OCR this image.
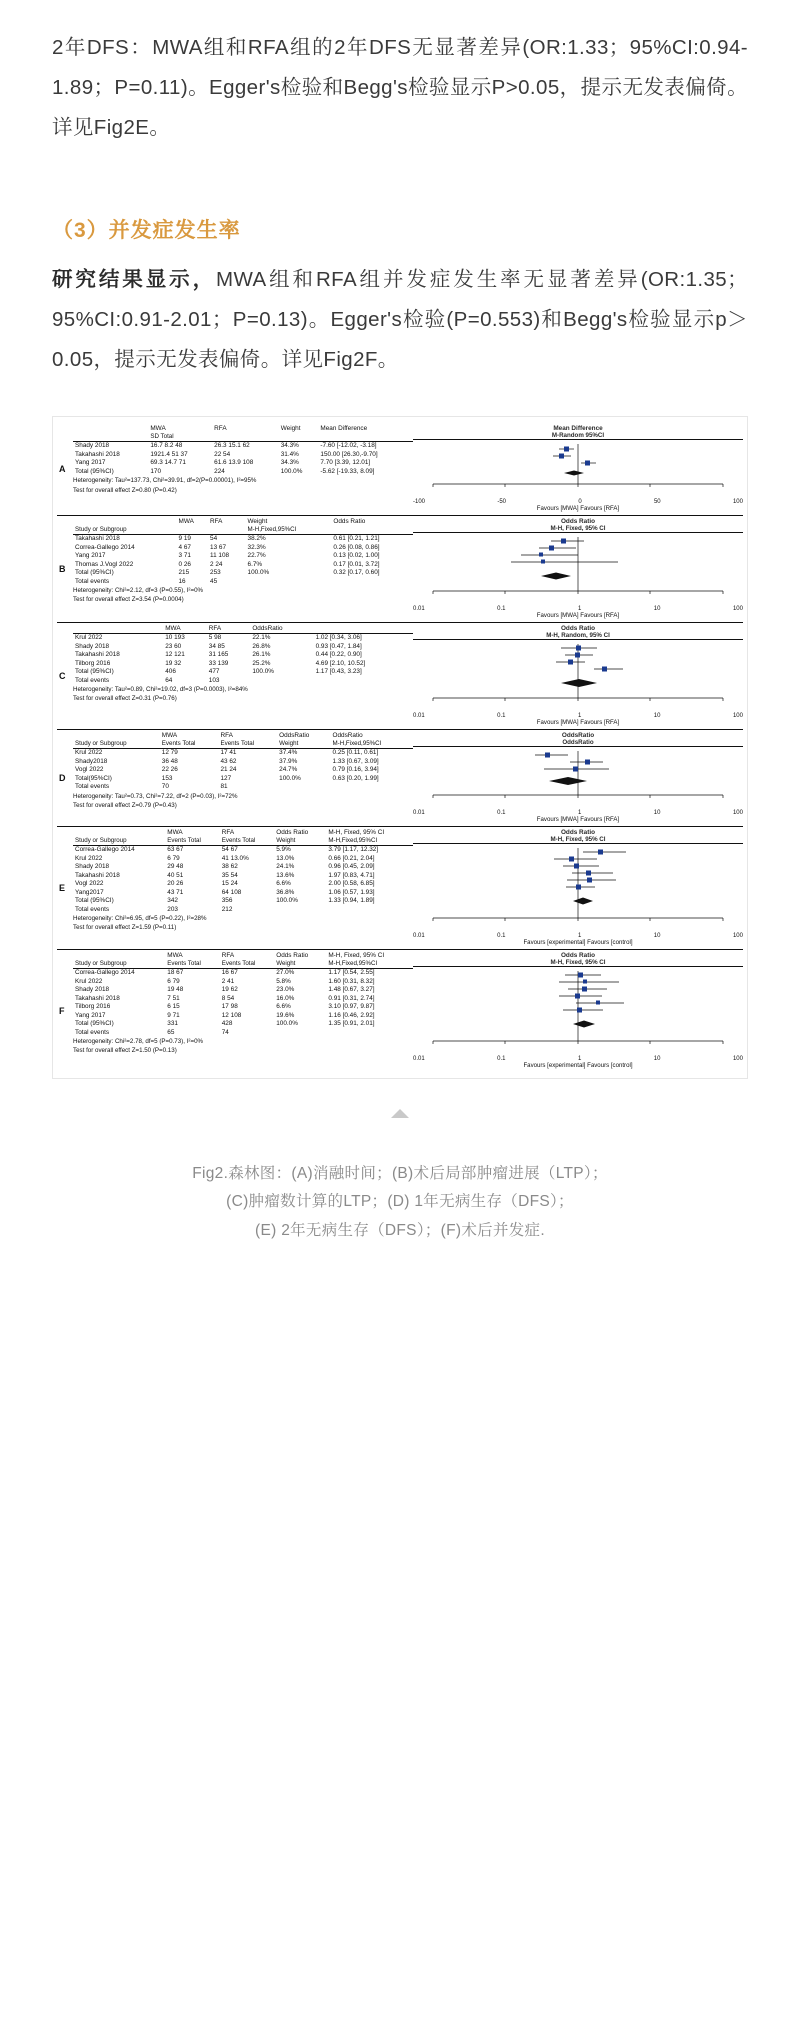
2年DFS：MWA组和RFA组的2年DFS无显著差异(OR:1.33；95%CI:0.94-1.89；P=0.11)。Egger's检验和Begg's检验显示P>0.05，提示无发表偏倚。详见Fig2E。

（3）并发症发生率

研究结果显示，MWA组和RFA组并发症发生率无显著差异(OR:1.35；95%CI:0.91-2.01；P=0.13)。Egger's检验(P=0.553)和Begg's检验显示p＞0.05，提示无发表偏倚。详见Fig2F。

A
	MWA	RFA	Weight	Mean Difference
	SD Total			
Shady 2018	16.7 8.2 48	26.3 15.1 62	34.3%	-7.60 [-12.02, -3.18]
Takahashi 2018	1921.4 51 37	22 54	31.4%	150.00 [26.30,-9.70]
Yang 2017	69.3 14.7 71	61.6 13.9 108	34.3%	7.70 [3.39, 12.01]
Total (95%CI)	170	224	100.0%	-5.62 [-19.33, 8.09]
Heterogeneity: Tau²=137.73, Chi²=39.91, df=2(P=0.00001), I²=95%
Test for overall effect Z=0.80 (P=0.42)
Mean Difference
M-Random 95%CI
-100	-50	0	50	100
Favours [MWA] Favours [RFA]
B
	MWA	RFA	Weight	Odds Ratio
Study or Subgroup			M-H,Fixed,95%CI	
Takahashi 2018	9 19	54	38.2%	0.61 [0.21, 1.21]
Correa-Gallego 2014	4 67	13 67	32.3%	0.26 [0.08, 0.86]
Yang 2017	3 71	11 108	22.7%	0.13 [0.02, 1.00]
Thomas J.Vogl 2022	0 26	2 24	6.7%	0.17 [0.01, 3.72]
Total (95%CI)	215	253	100.0%	0.32 [0.17, 0.60]
Total events	16	45		
Heterogeneity: Chi²=2.12, df=3 (P=0.55), I²=0%
Test for overall effect Z=3.54 (P=0.0004)
Odds Ratio
M-H, Fixed, 95% CI
0.01	0.1	1	10	100
Favours [MWA] Favours [RFA]
C
	MWA	RFA	OddsRatio	
Krul 2022	10 193	5 98	22.1%	1.02 [0.34, 3.06]
Shady 2018	23 60	34 85	26.8%	0.93 [0.47, 1.84]
Takahashi 2018	12 121	31 165	26.1%	0.44 [0.22, 0.90]
Tilborg 2016	19 32	33 139	25.2%	4.69 [2.10, 10.52]
Total (95%CI)	406	477	100.0%	1.17 [0.43, 3.23]
Total events	64	103		
Heterogeneity: Tau²=0.89, Chi²=19.02, df=3 (P=0.0003), I²=84%
Test for overall effect Z=0.31 (P=0.76)
Odds Ratio
M-H, Random, 95% CI
0.01	0.1	1	10	100
Favours [MWA] Favours [RFA]
D
	MWA	RFA	OddsRatio	OddsRatio
Study or Subgroup	Events Total	Events Total	Weight	M-H,Fixed,95%CI
Krul 2022	12 79	17 41	37.4%	0.25 [0.11, 0.61]
Shady2018	36 48	43 62	37.9%	1.33 [0.67, 3.09]
Vogl 2022	22 26	21 24	24.7%	0.79 [0.16, 3.94]
Total(95%CI)	153	127	100.0%	0.63 [0.20, 1.99]
Total events	70	81		
Heterogeneity: Tau²=0.73, Chi²=7.22, df=2 (P=0.03), I²=72%
Test for overall effect Z=0.79 (P=0.43)
OddsRatio
OddsRatio
0.01	0.1	1	10	100
Favours [MWA] Favours [RFA]
E
	MWA	RFA	Odds Ratio	M-H, Fixed, 95% CI
Study or Subgroup	Events Total	Events Total	Weight	M-H,Fixed,95%CI
Correa-Gallego 2014	63 67	54 67	5.9%	3.79 [1.17, 12.32]
Krul 2022	6 79	41 13.0%	13.0%	0.66 [0.21, 2.04]
Shady 2018	29 48	38 62	24.1%	0.96 [0.45, 2.09]
Takahashi 2018	40 51	35 54	13.6%	1.97 [0.83, 4.71]
Vogl 2022	20 26	15 24	6.6%	2.00 [0.58, 6.85]
Yang2017	43 71	64 108	36.8%	1.06 [0.57, 1.93]
Total (95%CI)	342	356	100.0%	1.33 [0.94, 1.89]
Total events	203	212		
Heterogeneity: Chi²=6.95, df=5 (P=0.22), I²=28%
Test for overall effect Z=1.59 (P=0.11)
Odds Ratio
M-H, Fixed, 95% CI
0.01	0.1	1	10	100
Favours [experimental] Favours [control]
F
	MWA	RFA	Odds Ratio	M-H, Fixed, 95% CI
Study or Subgroup	Events Total	Events Total	Weight	M-H,Fixed,95%CI
Correa-Gallego 2014	18 67	16 67	27.0%	1.17 [0.54, 2.55]
Krul 2022	6 79	2 41	5.8%	1.60 [0.31, 8.32]
Shady 2018	19 48	19 62	23.0%	1.48 [0.67, 3.27]
Takahashi 2018	7 51	8 54	16.0%	0.91 [0.31, 2.74]
Tilborg 2016	6 15	17 98	6.6%	3.10 [0.97, 9.87]
Yang 2017	9 71	12 108	19.6%	1.16 [0.46, 2.92]
Total (95%CI)	331	428	100.0%	1.35 [0.91, 2.01]
Total events	65	74		
Heterogeneity: Chi²=2.78, df=5 (P=0.73), I²=0%
Test for overall effect Z=1.50 (P=0.13)
Odds Ratio
M-H, Fixed, 95% CI
0.01	0.1	1	10	100
Favours [experimental] Favours [control]
Fig2.森林图：(A)消融时间；(B)术后局部肿瘤进展（LTP）；
(C)肿瘤数计算的LTP；(D) 1年无病生存（DFS）；
(E) 2年无病生存（DFS）；(F)术后并发症.
